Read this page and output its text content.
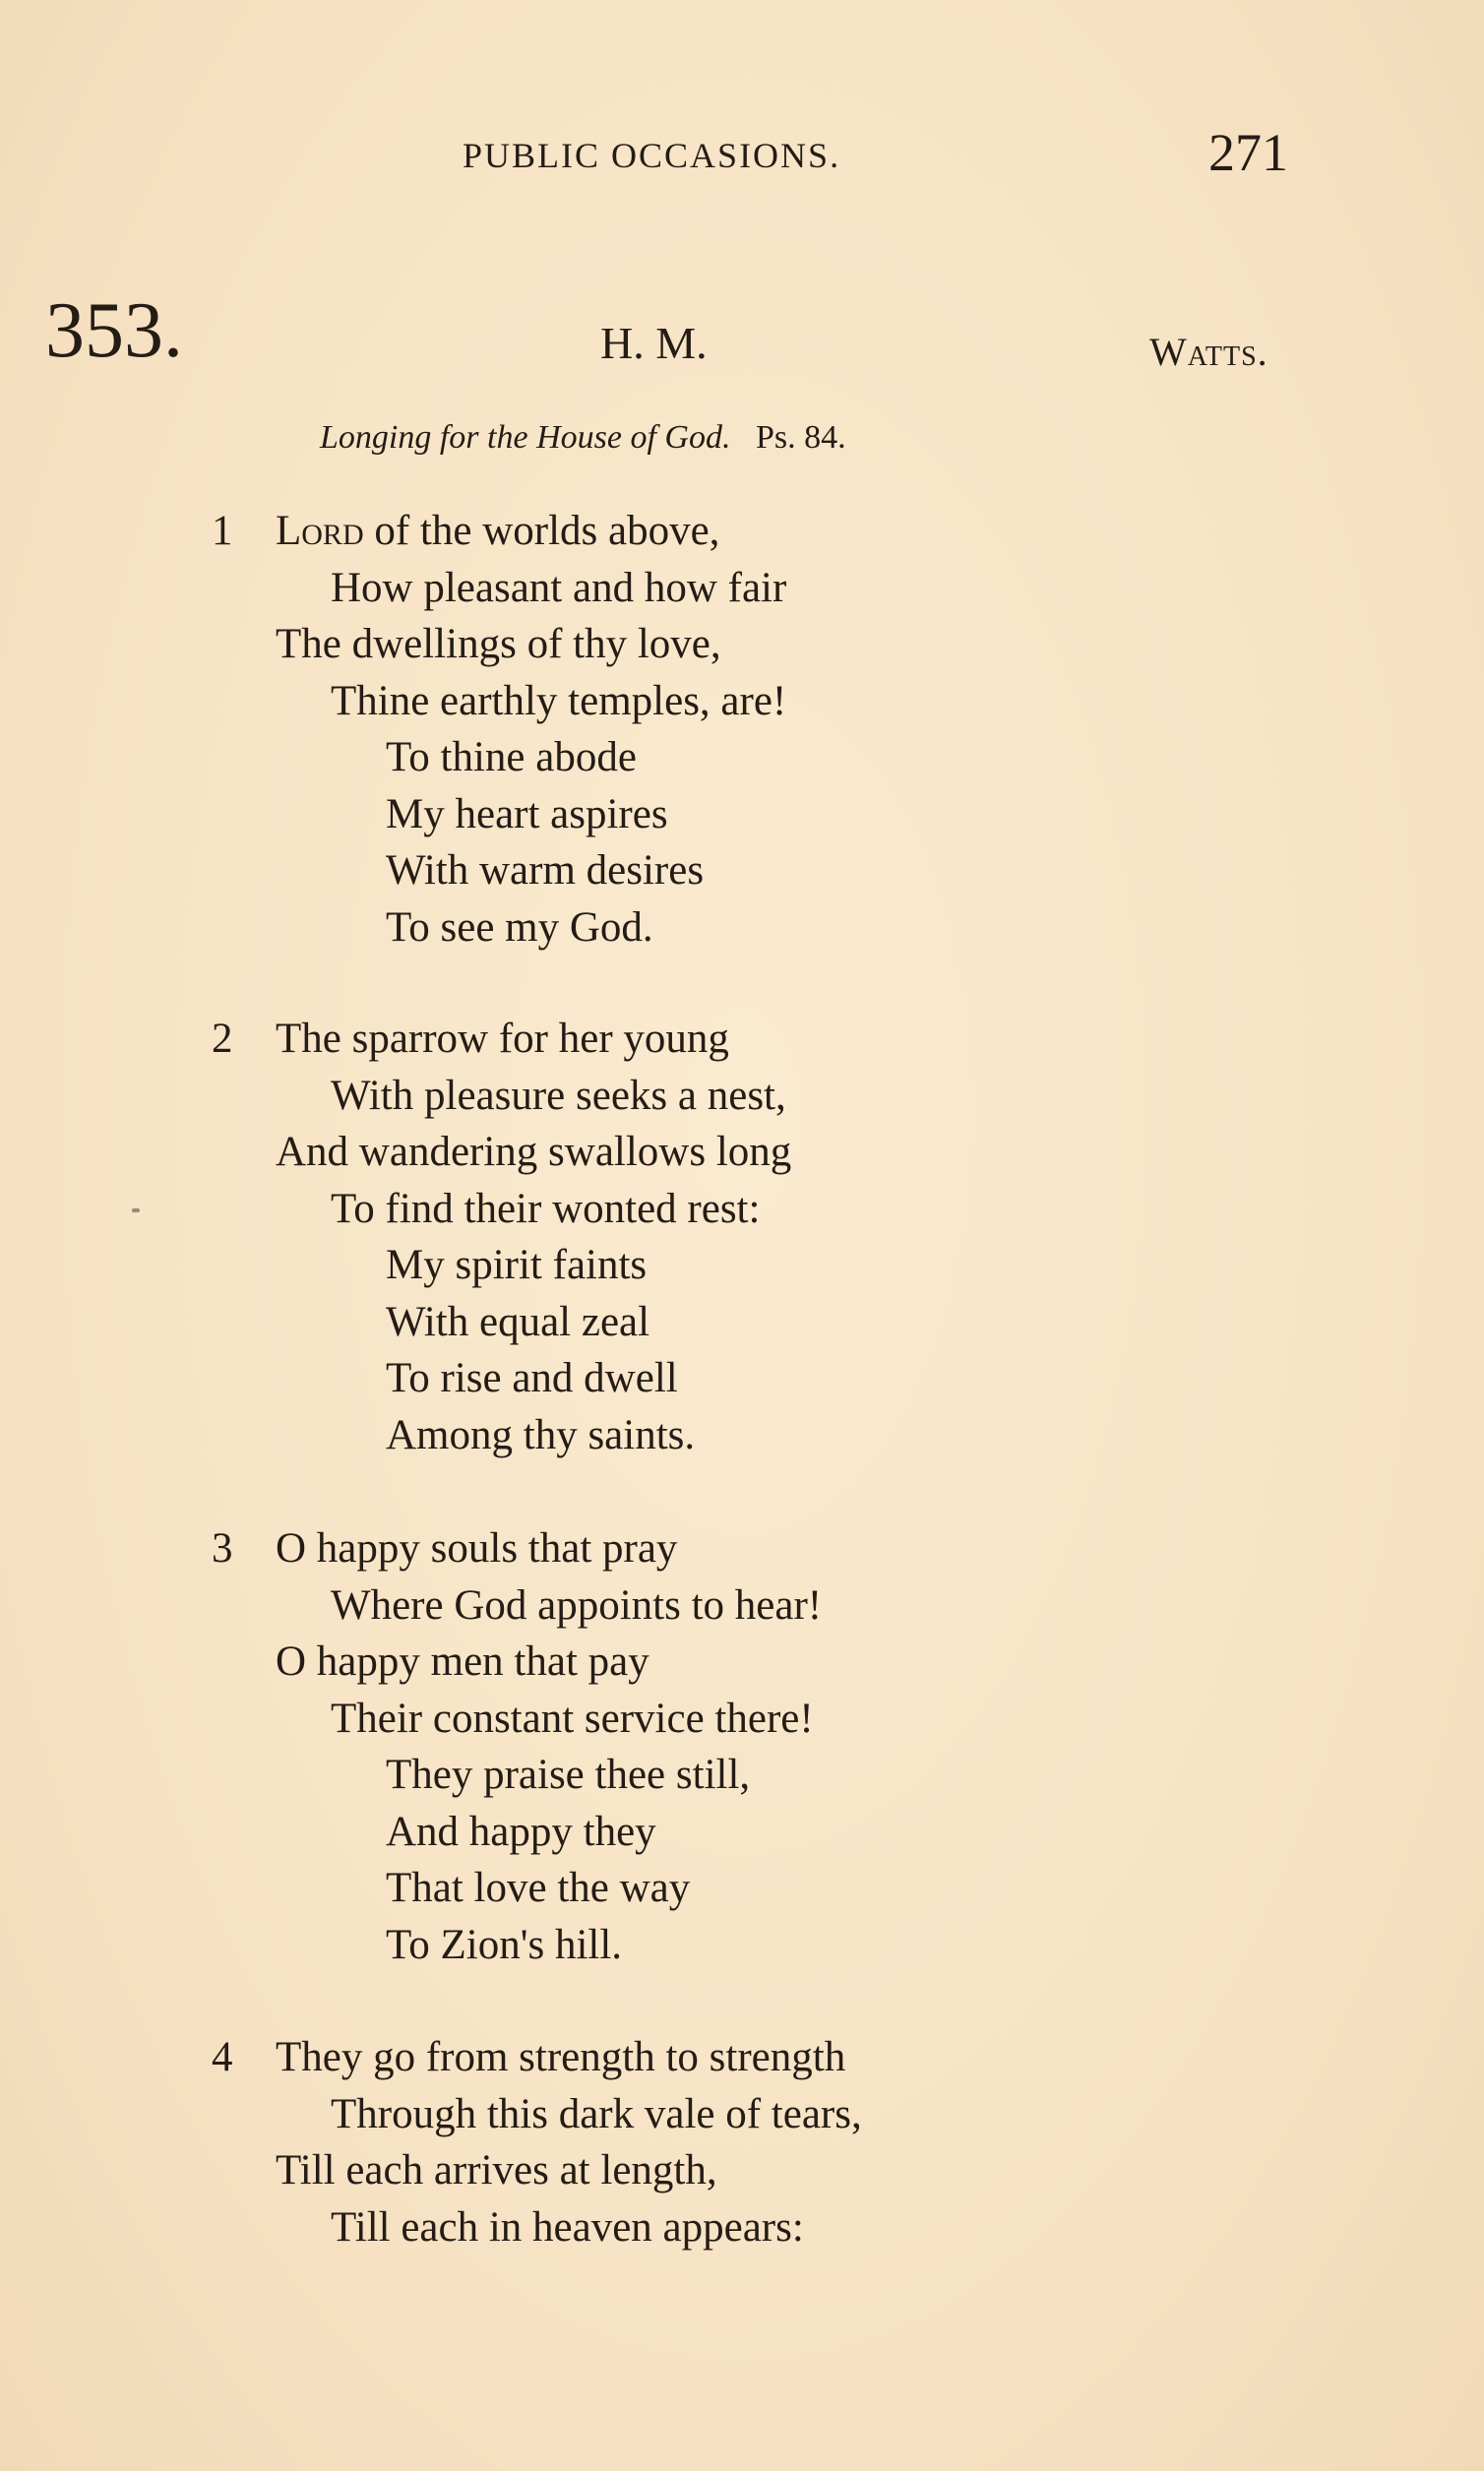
PUBLIC OCCASIONS.	271
353.	H. M.	Watts.
Longing for the House of God. Ps. 84.
1 Lord of the worlds above,
How pleasant and how fair
The dwellings of thy love,
Thine earthly temples, are!
To thine abode
My heart aspires
With warm desires
To see my God.
2 The sparrow for her young
With pleasure seeks a nest,
And wandering swallows long
To find their wonted rest:
My spirit faints
With equal zeal
To rise and dwell
Among thy saints.
3 O happy souls that pray
Where God appoints to hear!
O happy men that pay
Their constant service there!
They praise thee still,
And happy they
That love the way
To Zion's hill.
4 They go from strength to strength
Through this dark vale of tears,
Till each arrives at length,
Till each in heaven appears:
